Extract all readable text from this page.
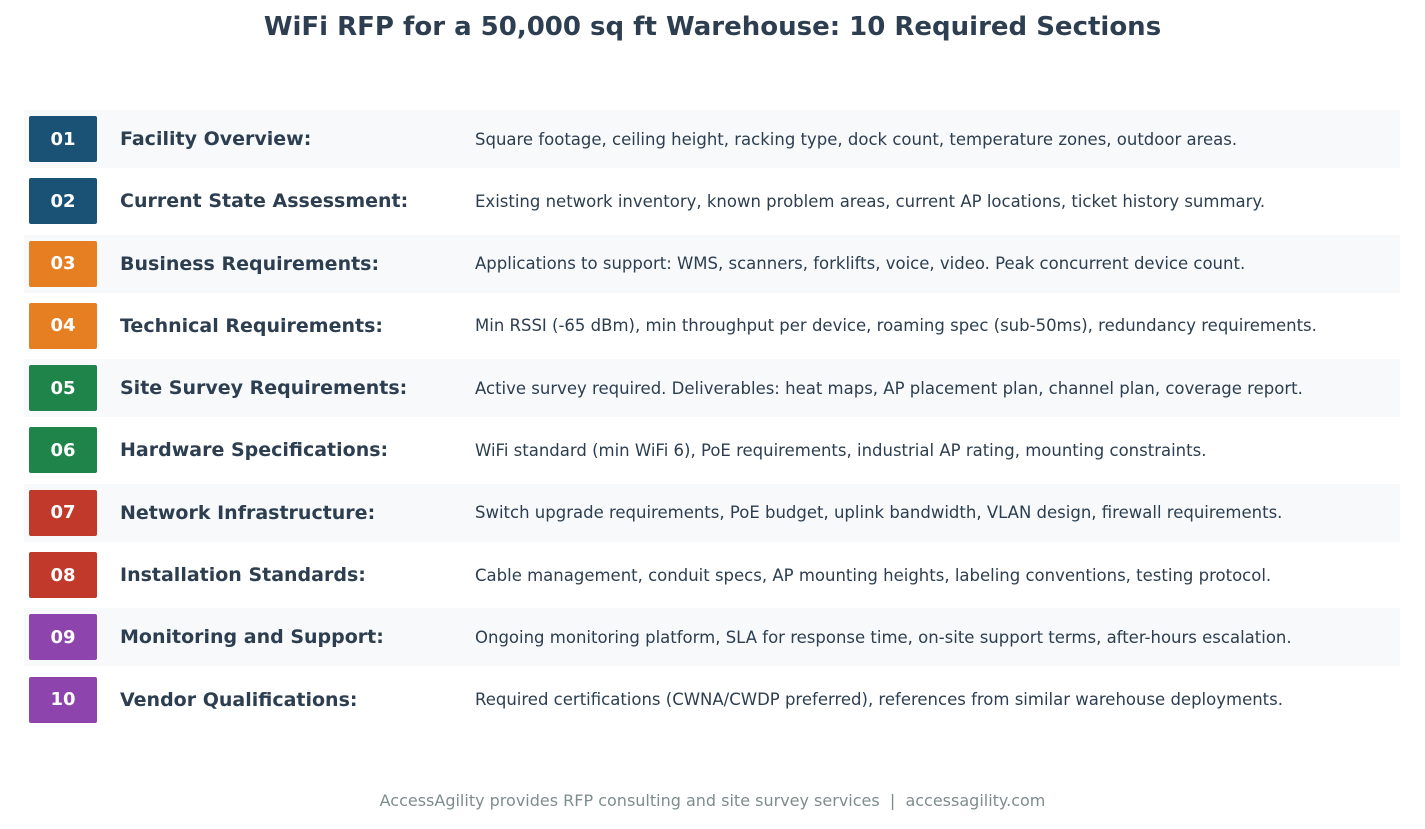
WiFi RFP for a 50,000 sq ft Warehouse: 10 Required Sections
01	Facility Overview:	Square footage, ceiling height, racking type, dock count, temperature zones, outdoor areas.
02	Current State Assessment:	Existing network inventory, known problem areas, current AP locations, ticket history summary.
03	Business Requirements:	Applications to support: WMS, scanners, forklifts, voice, video. Peak concurrent device count.
04	Technical Requirements:	Min RSSI (-65 dBm), min throughput per device, roaming spec (sub-50ms), redundancy requirements.
05	Site Survey Requirements:	Active survey required. Deliverables: heat maps, AP placement plan, channel plan, coverage report.
06	Hardware Specifications:	WiFi standard (min WiFi 6), PoE requirements, industrial AP rating, mounting constraints.
07	Network Infrastructure:	Switch upgrade requirements, PoE budget, uplink bandwidth, VLAN design, firewall requirements.
08	Installation Standards:	Cable management, conduit specs, AP mounting heights, labeling conventions, testing protocol.
09	Monitoring and Support:	Ongoing monitoring platform, SLA for response time, on-site support terms, after-hours escalation.
10	Vendor Qualifications:	Required certifications (CWNA/CWDP preferred), references from similar warehouse deployments.
AccessAgility provides RFP consulting and site survey services  |  accessagility.com
